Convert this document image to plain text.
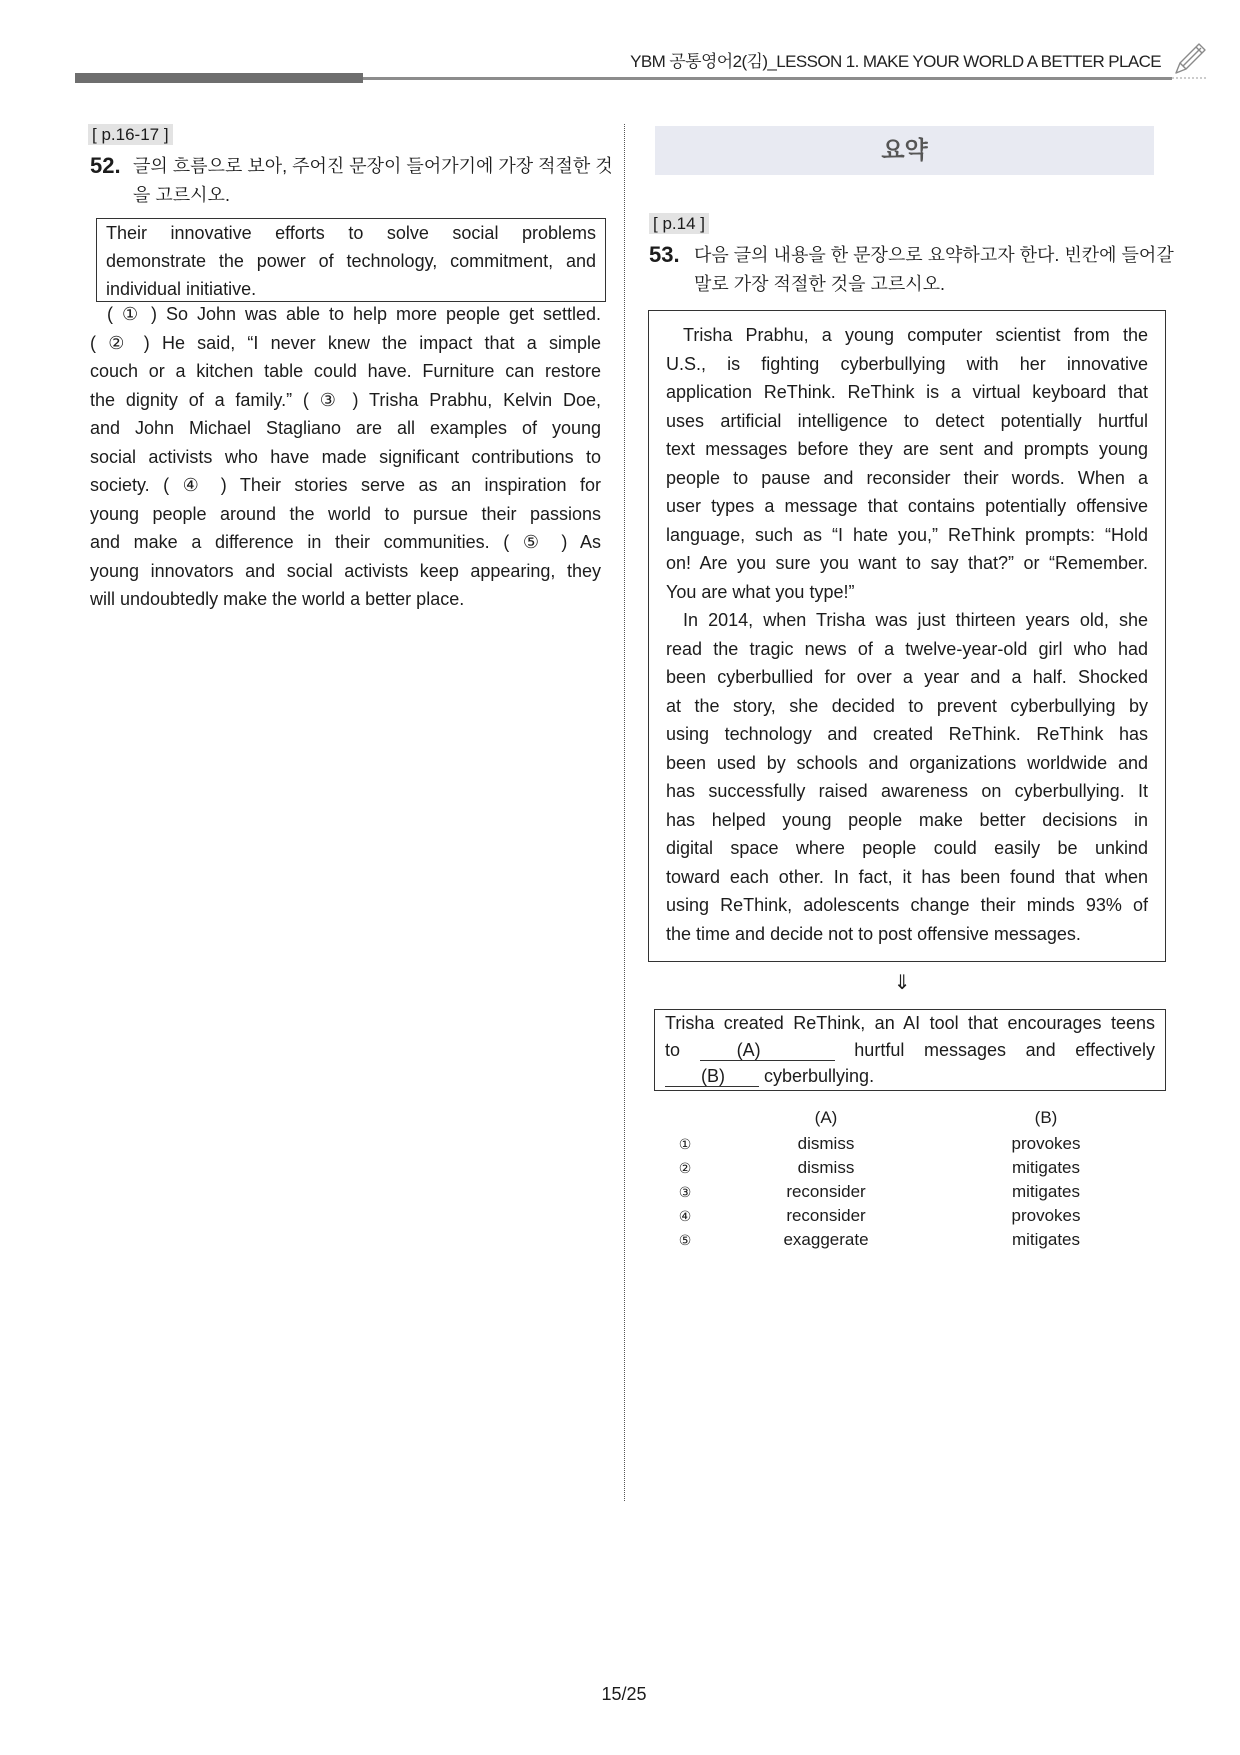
YBM 공통영어2(김)_LESSON 1. MAKE YOUR WORLD A BETTER PLACE
[ p.16-17 ]
52. 글의 흐름으로 보아, 주어진 문장이 들어가기에 가장 적절한 것
을 고르시오.
Their innovative efforts to solve social problems
demonstrate the power of technology, commitment, and
individual initiative.
( ① ) So John was able to help more people get settled.
( ② ) He said, “I never knew the impact that a simple
couch or a kitchen table could have. Furniture can restore
the dignity of a family.” ( ③ ) Trisha Prabhu, Kelvin Doe,
and John Michael Stagliano are all examples of young
social activists who have made significant contributions to
society. ( ④ ) Their stories serve as an inspiration for
young people around the world to pursue their passions
and make a difference in their communities. ( ⑤ ) As
young innovators and social activists keep appearing, they
will undoubtedly make the world a better place.
요약
[ p.14 ]
53. 다음 글의 내용을 한 문장으로 요약하고자 한다. 빈칸에 들어갈
말로 가장 적절한 것을 고르시오.
Trisha Prabhu, a young computer scientist from the
U.S., is fighting cyberbullying with her innovative
application ReThink. ReThink is a virtual keyboard that
uses artificial intelligence to detect potentially hurtful
text messages before they are sent and prompts young
people to pause and reconsider their words. When a
user types a message that contains potentially offensive
language, such as “I hate you,” ReThink prompts: “Hold
on! Are you sure you want to say that?” or “Remember.
You are what you type!”
In 2014, when Trisha was just thirteen years old, she
read the tragic news of a twelve-year-old girl who had
been cyberbullied for over a year and a half. Shocked
at the story, she decided to prevent cyberbullying by
using technology and created ReThink. ReThink has
been used by schools and organizations worldwide and
has successfully raised awareness on cyberbullying. It
has helped young people make better decisions in
digital space where people could easily be unkind
toward each other. In fact, it has been found that when
using ReThink, adolescents change their minds 93% of
the time and decide not to post offensive messages.
⇓
Trisha created ReThink, an AI tool that encourages teens
to	(A)	hurtful messages and effectively
(B) cyberbullying.
(A)	(B)
①	dismiss	provokes
②	dismiss	mitigates
③	reconsider	mitigates
④	reconsider	provokes
⑤	exaggerate	mitigates
15/25
